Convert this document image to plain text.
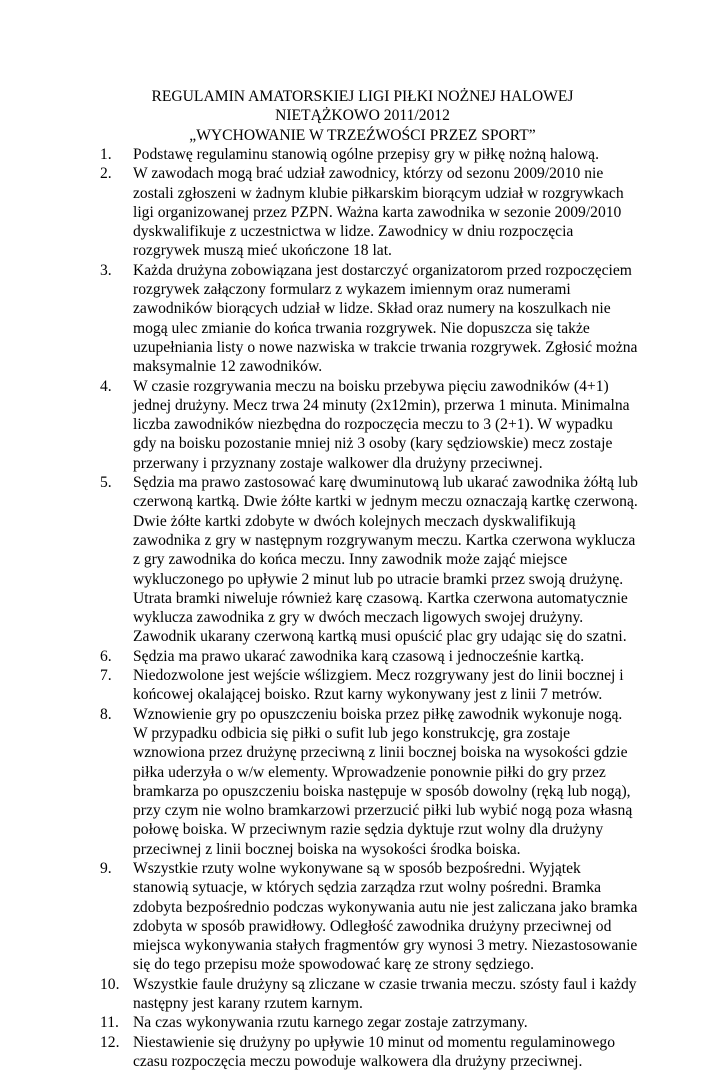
REGULAMIN AMATORSKIEJ LIGI PIŁKI NOŻNEJ HALOWEJ
NIETĄŻKOWO 2011/2012
„WYCHOWANIE W TRZEŹWOŚCI PRZEZ SPORT”
1.	Podstawę regulaminu stanowią ogólne przepisy gry w piłkę nożną halową.
2.	W zawodach mogą brać udział zawodnicy, którzy od sezonu 2009/2010 nie zostali zgłoszeni w żadnym klubie piłkarskim biorącym udział w rozgrywkach ligi organizowanej przez PZPN. Ważna karta zawodnika w sezonie 2009/2010 dyskwalifikuje z uczestnictwa w lidze. Zawodnicy w dniu rozpoczęcia rozgrywek muszą mieć ukończone 18 lat.
3.	Każda drużyna zobowiązana jest dostarczyć organizatorom przed rozpoczęciem rozgrywek załączony formularz z wykazem imiennym oraz numerami zawodników biorących udział w lidze. Skład oraz numery na koszulkach nie mogą ulec zmianie do końca trwania rozgrywek. Nie dopuszcza się także uzupełniania listy o nowe nazwiska w trakcie trwania rozgrywek. Zgłosić można maksymalnie 12 zawodników.
4.	W czasie rozgrywania meczu na boisku przebywa pięciu zawodników (4+1) jednej drużyny. Mecz trwa 24 minuty (2x12min), przerwa 1 minuta. Minimalna liczba zawodników niezbędna do rozpoczęcia meczu to 3 (2+1). W wypadku gdy na boisku pozostanie mniej niż 3 osoby (kary sędziowskie) mecz zostaje przerwany i przyznany zostaje walkower dla drużyny przeciwnej.
5.	Sędzia ma prawo zastosować karę dwuminutową lub ukarać zawodnika żółtą lub czerwoną kartką. Dwie żółte kartki w jednym meczu oznaczają kartkę czerwoną. Dwie żółte kartki zdobyte w dwóch kolejnych meczach dyskwalifikują zawodnika z gry w następnym rozgrywanym meczu. Kartka czerwona wyklucza z gry zawodnika do końca meczu. Inny zawodnik może zająć miejsce wykluczonego po upływie 2 minut lub po utracie bramki przez swoją drużynę. Utrata bramki niweluje również karę czasową. Kartka czerwona automatycznie wyklucza zawodnika z gry w dwóch meczach ligowych swojej drużyny. Zawodnik ukarany czerwoną kartką musi opuścić plac gry udając się do szatni.
6.	Sędzia ma prawo ukarać zawodnika karą czasową i jednocześnie kartką.
7.	Niedozwolone jest wejście wślizgiem. Mecz rozgrywany jest do linii bocznej i końcowej okalającej boisko. Rzut karny wykonywany jest z linii 7 metrów.
8.	Wznowienie gry po opuszczeniu boiska przez piłkę zawodnik wykonuje nogą. W przypadku odbicia się piłki o sufit lub jego konstrukcję, gra zostaje wznowiona przez drużynę przeciwną z linii bocznej boiska na wysokości gdzie piłka uderzyła o w/w elementy. Wprowadzenie ponownie piłki do gry przez bramkarza po opuszczeniu boiska następuje w sposób dowolny (ręką lub nogą), przy czym nie wolno bramkarzowi przerzucić piłki lub wybić nogą poza własną połowę boiska. W przeciwnym razie sędzia dyktuje rzut wolny dla drużyny przeciwnej z linii bocznej boiska na wysokości środka boiska.
9.	Wszystkie rzuty wolne wykonywane są w sposób bezpośredni. Wyjątek stanowią sytuacje, w których sędzia zarządza rzut wolny pośredni. Bramka zdobyta bezpośrednio podczas wykonywania autu nie jest zaliczana jako bramka zdobyta w sposób prawidłowy. Odległość zawodnika drużyny przeciwnej od miejsca wykonywania stałych fragmentów gry wynosi 3 metry. Niezastosowanie się do tego przepisu może spowodować karę ze strony sędziego.
10. Wszystkie faule drużyny są zliczane w czasie trwania meczu. szósty faul i każdy następny jest karany rzutem karnym.
11. Na czas wykonywania rzutu karnego zegar zostaje zatrzymany.
12. Niestawienie się drużyny po upływie 10 minut od momentu regulaminowego czasu rozpoczęcia meczu powoduje walkowera dla drużyny przeciwnej.
